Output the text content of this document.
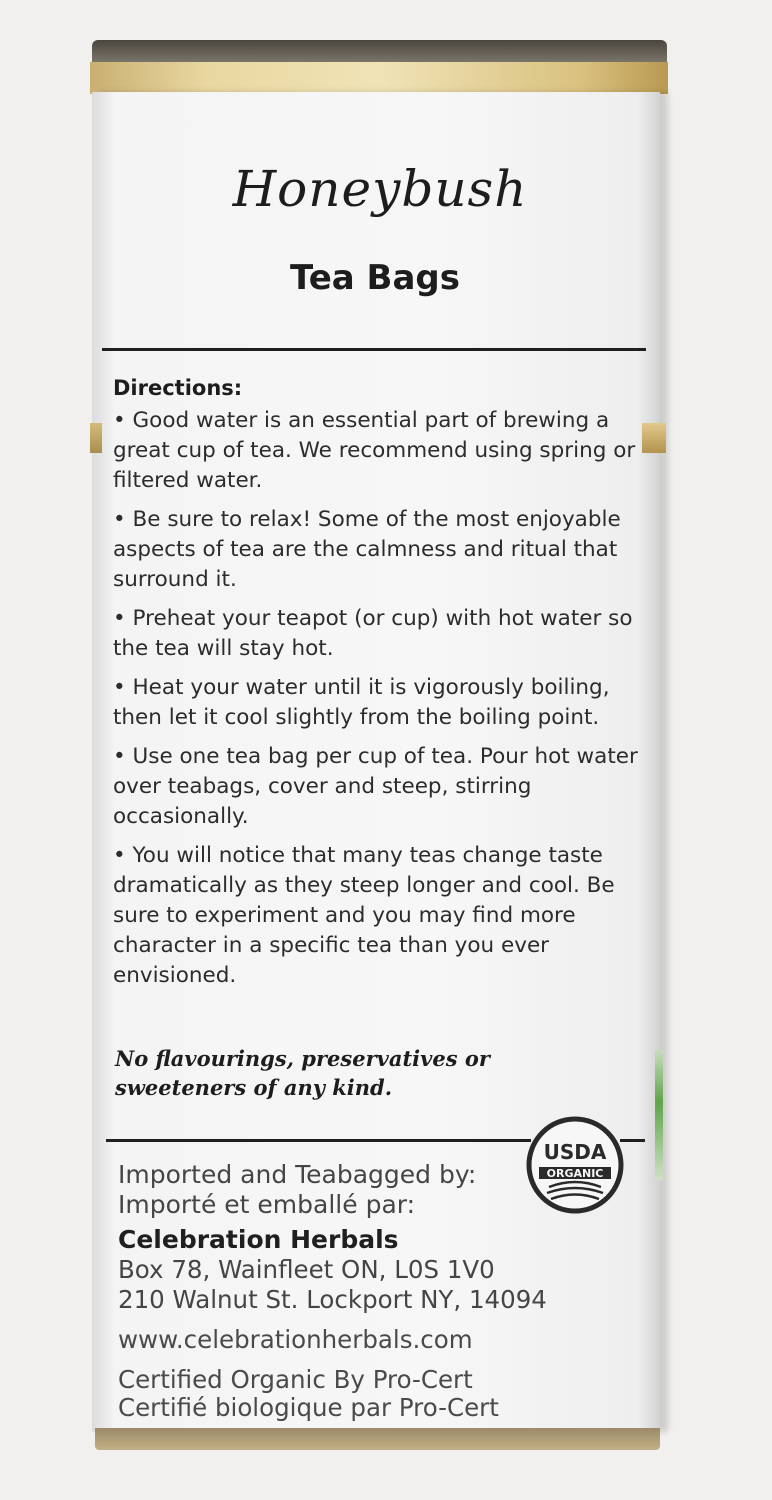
Honeybush
Tea Bags
Directions:

• Good water is an essential part of brewing a great cup of tea. We recommend using spring or filtered water.

• Be sure to relax! Some of the most enjoyable aspects of tea are the calmness and ritual that surround it.

• Preheat your teapot (or cup) with hot water so the tea will stay hot.

• Heat your water until it is vigorously boiling, then let it cool slightly from the boiling point.

• Use one tea bag per cup of tea. Pour hot water over teabags, cover and steep, stirring occasionally.

• You will notice that many teas change taste dramatically as they steep longer and cool. Be sure to experiment and you may find more character in a specific tea than you ever envisioned.

No flavourings, preservatives or sweeteners of any kind.
USDA
ORGANIC
Imported and Teabagged by:
Importé et emballé par:
Celebration Herbals
Box 78, Wainfleet ON, L0S 1V0
210 Walnut St. Lockport NY, 14094
www.celebrationherbals.com
Certified Organic By Pro-Cert
Certifié biologique par Pro-Cert
